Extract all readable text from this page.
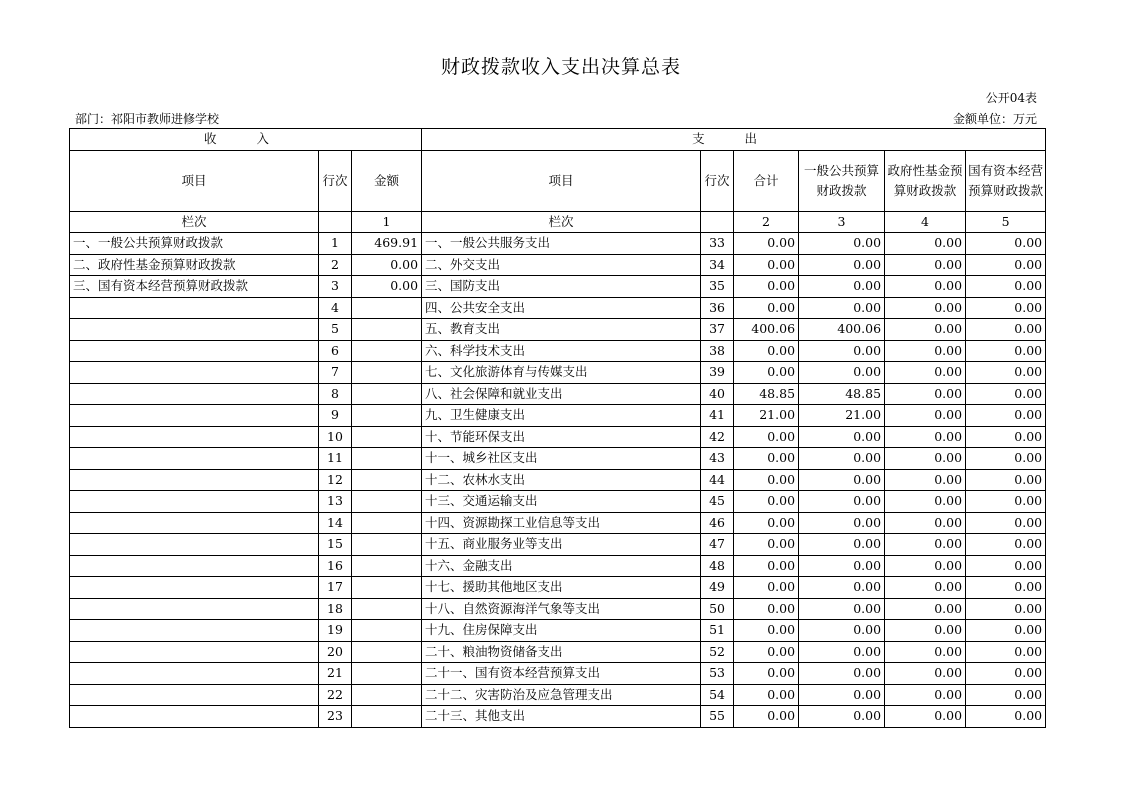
财政拨款收入支出决算总表
公开04表
部门：祁阳市教师进修学校	金额单位：万元
收 入			支 出					
项目	行次	金额	项目	行次	合计	一般公共预算财政拨款	政府性基金预算财政拨款	国有资本经营预算财政拨款
栏次		1	栏次		2	3	4	5
一、一般公共预算财政拨款	1	469.91	一、一般公共服务支出	33	0.00	0.00	0.00	0.00
二、政府性基金预算财政拨款	2	0.00	二、外交支出	34	0.00	0.00	0.00	0.00
三、国有资本经营预算财政拨款	3	0.00	三、国防支出	35	0.00	0.00	0.00	0.00
	4		四、公共安全支出	36	0.00	0.00	0.00	0.00
	5		五、教育支出	37	400.06	400.06	0.00	0.00
	6		六、科学技术支出	38	0.00	0.00	0.00	0.00
	7		七、文化旅游体育与传媒支出	39	0.00	0.00	0.00	0.00
	8		八、社会保障和就业支出	40	48.85	48.85	0.00	0.00
	9		九、卫生健康支出	41	21.00	21.00	0.00	0.00
	10		十、节能环保支出	42	0.00	0.00	0.00	0.00
	11		十一、城乡社区支出	43	0.00	0.00	0.00	0.00
	12		十二、农林水支出	44	0.00	0.00	0.00	0.00
	13		十三、交通运输支出	45	0.00	0.00	0.00	0.00
	14		十四、资源勘探工业信息等支出	46	0.00	0.00	0.00	0.00
	15		十五、商业服务业等支出	47	0.00	0.00	0.00	0.00
	16		十六、金融支出	48	0.00	0.00	0.00	0.00
	17		十七、援助其他地区支出	49	0.00	0.00	0.00	0.00
	18		十八、自然资源海洋气象等支出	50	0.00	0.00	0.00	0.00
	19		十九、住房保障支出	51	0.00	0.00	0.00	0.00
	20		二十、粮油物资储备支出	52	0.00	0.00	0.00	0.00
	21		二十一、国有资本经营预算支出	53	0.00	0.00	0.00	0.00
	22		二十二、灾害防治及应急管理支出	54	0.00	0.00	0.00	0.00
	23		二十三、其他支出	55	0.00	0.00	0.00	0.00
